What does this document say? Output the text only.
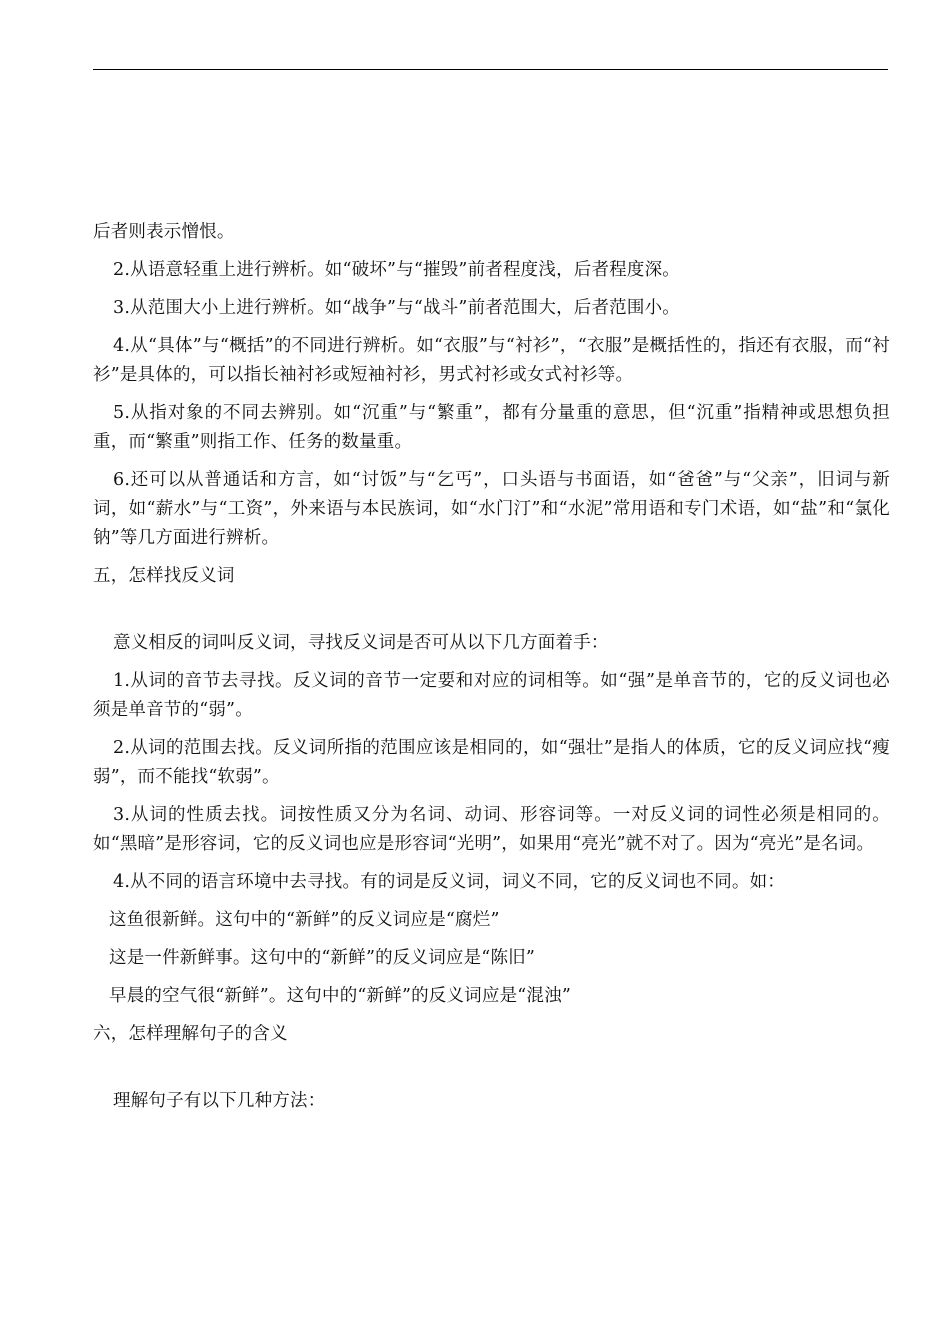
后者则表示憎恨。

2.从语意轻重上进行辨析。如“破坏”与“摧毁”前者程度浅，后者程度深。

3.从范围大小上进行辨析。如“战争”与“战斗”前者范围大，后者范围小。

4.从“具体”与“概括”的不同进行辨析。如“衣服”与“衬衫”，“衣服”是概括性的，指还有衣服，而“衬衫”是具体的，可以指长袖衬衫或短袖衬衫，男式衬衫或女式衬衫等。

5.从指对象的不同去辨别。如“沉重”与“繁重”，都有分量重的意思，但“沉重”指精神或思想负担重，而“繁重”则指工作、任务的数量重。

6.还可以从普通话和方言，如“讨饭”与“乞丐”，口头语与书面语，如“爸爸”与“父亲”，旧词与新词，如“薪水”与“工资”，外来语与本民族词，如“水门汀”和“水泥”常用语和专门术语，如“盐”和“氯化钠”等几方面进行辨析。

五，怎样找反义词

意义相反的词叫反义词，寻找反义词是否可从以下几方面着手：

1.从词的音节去寻找。反义词的音节一定要和对应的词相等。如“强”是单音节的，它的反义词也必须是单音节的“弱”。

2.从词的范围去找。反义词所指的范围应该是相同的，如“强壮”是指人的体质，它的反义词应找“瘦弱”，而不能找“软弱”。

3.从词的性质去找。词按性质又分为名词、动词、形容词等。一对反义词的词性必须是相同的。如“黑暗”是形容词，它的反义词也应是形容词“光明”，如果用“亮光”就不对了。因为“亮光”是名词。

4.从不同的语言环境中去寻找。有的词是反义词，词义不同，它的反义词也不同。如：

这鱼很新鲜。这句中的“新鲜”的反义词应是“腐烂”

这是一件新鲜事。这句中的“新鲜”的反义词应是“陈旧”

早晨的空气很“新鲜”。这句中的“新鲜”的反义词应是“混浊”

六，怎样理解句子的含义

理解句子有以下几种方法：
